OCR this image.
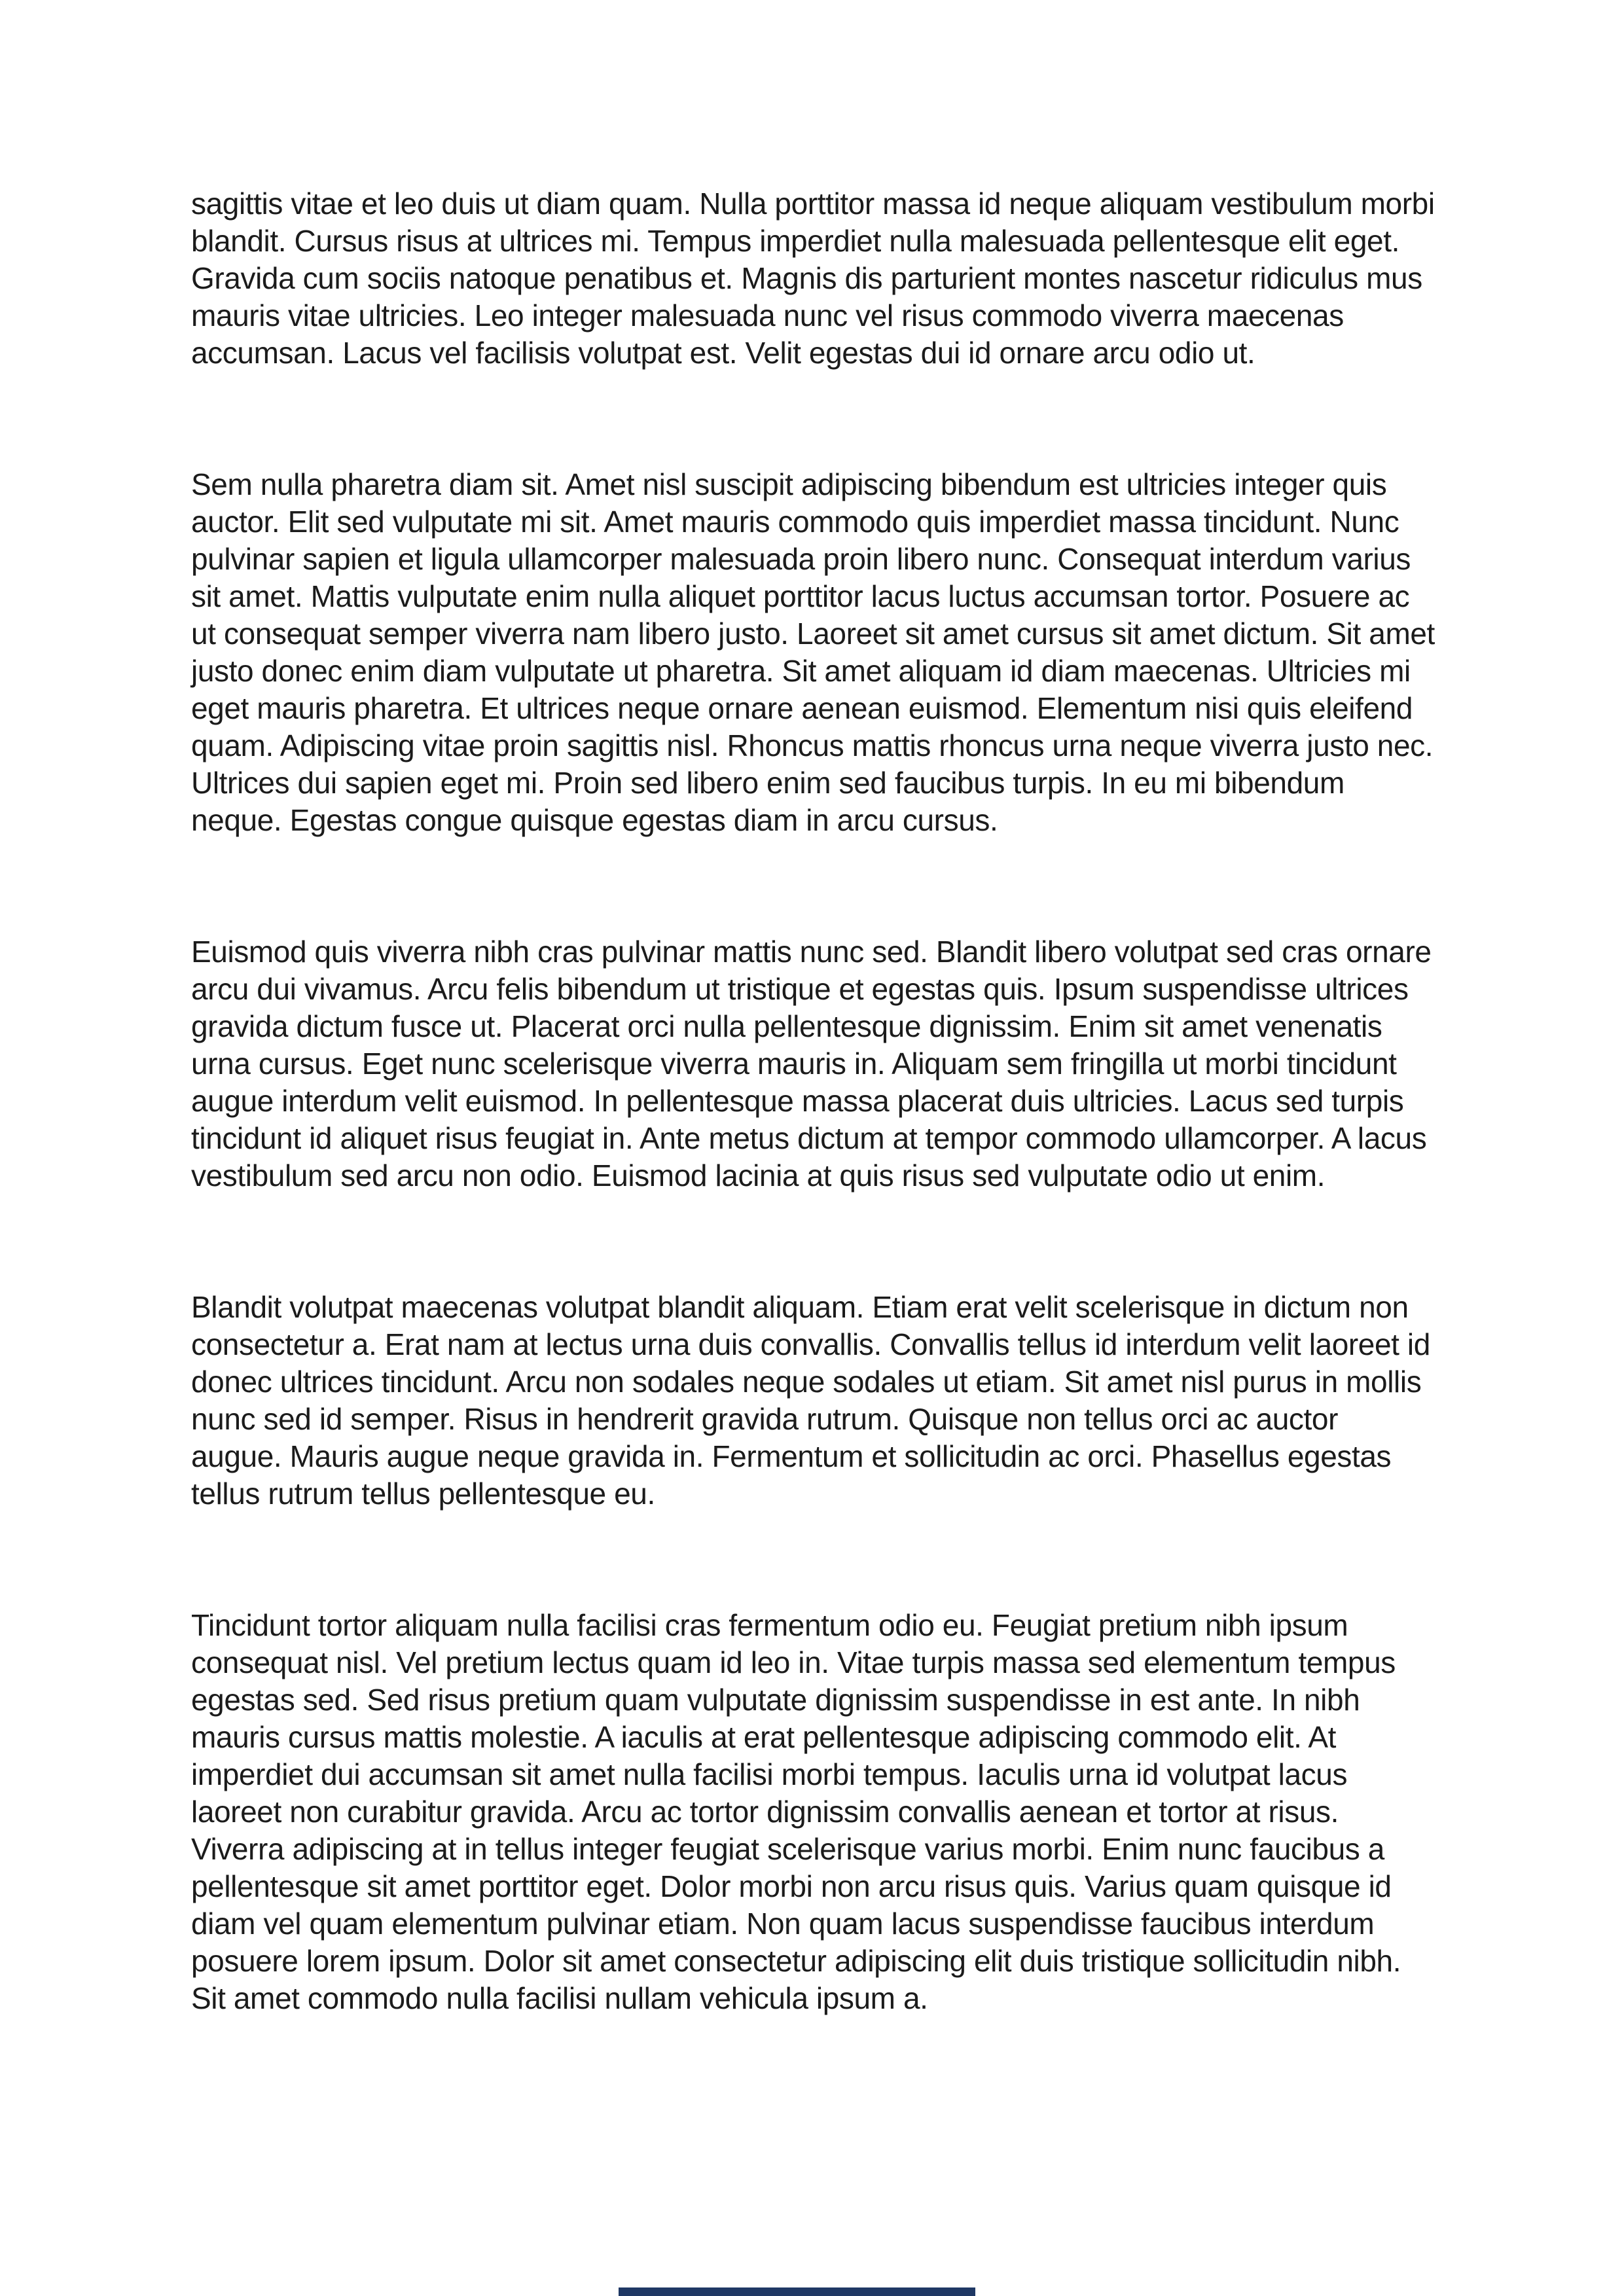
sagittis vitae et leo duis ut diam quam. Nulla porttitor massa id neque aliquam vestibulum morbi blandit. Cursus risus at ultrices mi. Tempus imperdiet nulla malesuada pellentesque elit eget. Gravida cum sociis natoque penatibus et. Magnis dis parturient montes nascetur ridiculus mus mauris vitae ultricies. Leo integer malesuada nunc vel risus commodo viverra maecenas accumsan. Lacus vel facilisis volutpat est. Velit egestas dui id ornare arcu odio ut.

Sem nulla pharetra diam sit. Amet nisl suscipit adipiscing bibendum est ultricies integer quis auctor. Elit sed vulputate mi sit. Amet mauris commodo quis imperdiet massa tincidunt. Nunc pulvinar sapien et ligula ullamcorper malesuada proin libero nunc. Consequat interdum varius sit amet. Mattis vulputate enim nulla aliquet porttitor lacus luctus accumsan tortor. Posuere ac ut consequat semper viverra nam libero justo. Laoreet sit amet cursus sit amet dictum. Sit amet justo donec enim diam vulputate ut pharetra. Sit amet aliquam id diam maecenas. Ultricies mi eget mauris pharetra. Et ultrices neque ornare aenean euismod. Elementum nisi quis eleifend quam. Adipiscing vitae proin sagittis nisl. Rhoncus mattis rhoncus urna neque viverra justo nec. Ultrices dui sapien eget mi. Proin sed libero enim sed faucibus turpis. In eu mi bibendum neque. Egestas congue quisque egestas diam in arcu cursus.

Euismod quis viverra nibh cras pulvinar mattis nunc sed. Blandit libero volutpat sed cras ornare arcu dui vivamus. Arcu felis bibendum ut tristique et egestas quis. Ipsum suspendisse ultrices gravida dictum fusce ut. Placerat orci nulla pellentesque dignissim. Enim sit amet venenatis urna cursus. Eget nunc scelerisque viverra mauris in. Aliquam sem fringilla ut morbi tincidunt augue interdum velit euismod. In pellentesque massa placerat duis ultricies. Lacus sed turpis tincidunt id aliquet risus feugiat in. Ante metus dictum at tempor commodo ullamcorper. A lacus vestibulum sed arcu non odio. Euismod lacinia at quis risus sed vulputate odio ut enim.

Blandit volutpat maecenas volutpat blandit aliquam. Etiam erat velit scelerisque in dictum non consectetur a. Erat nam at lectus urna duis convallis. Convallis tellus id interdum velit laoreet id donec ultrices tincidunt. Arcu non sodales neque sodales ut etiam. Sit amet nisl purus in mollis nunc sed id semper. Risus in hendrerit gravida rutrum. Quisque non tellus orci ac auctor augue. Mauris augue neque gravida in. Fermentum et sollicitudin ac orci. Phasellus egestas tellus rutrum tellus pellentesque eu.

Tincidunt tortor aliquam nulla facilisi cras fermentum odio eu. Feugiat pretium nibh ipsum consequat nisl. Vel pretium lectus quam id leo in. Vitae turpis massa sed elementum tempus egestas sed. Sed risus pretium quam vulputate dignissim suspendisse in est ante. In nibh mauris cursus mattis molestie. A iaculis at erat pellentesque adipiscing commodo elit. At imperdiet dui accumsan sit amet nulla facilisi morbi tempus. Iaculis urna id volutpat lacus laoreet non curabitur gravida. Arcu ac tortor dignissim convallis aenean et tortor at risus. Viverra adipiscing at in tellus integer feugiat scelerisque varius morbi. Enim nunc faucibus a pellentesque sit amet porttitor eget. Dolor morbi non arcu risus quis. Varius quam quisque id diam vel quam elementum pulvinar etiam. Non quam lacus suspendisse faucibus interdum posuere lorem ipsum. Dolor sit amet consectetur adipiscing elit duis tristique sollicitudin nibh. Sit amet commodo nulla facilisi nullam vehicula ipsum a.
